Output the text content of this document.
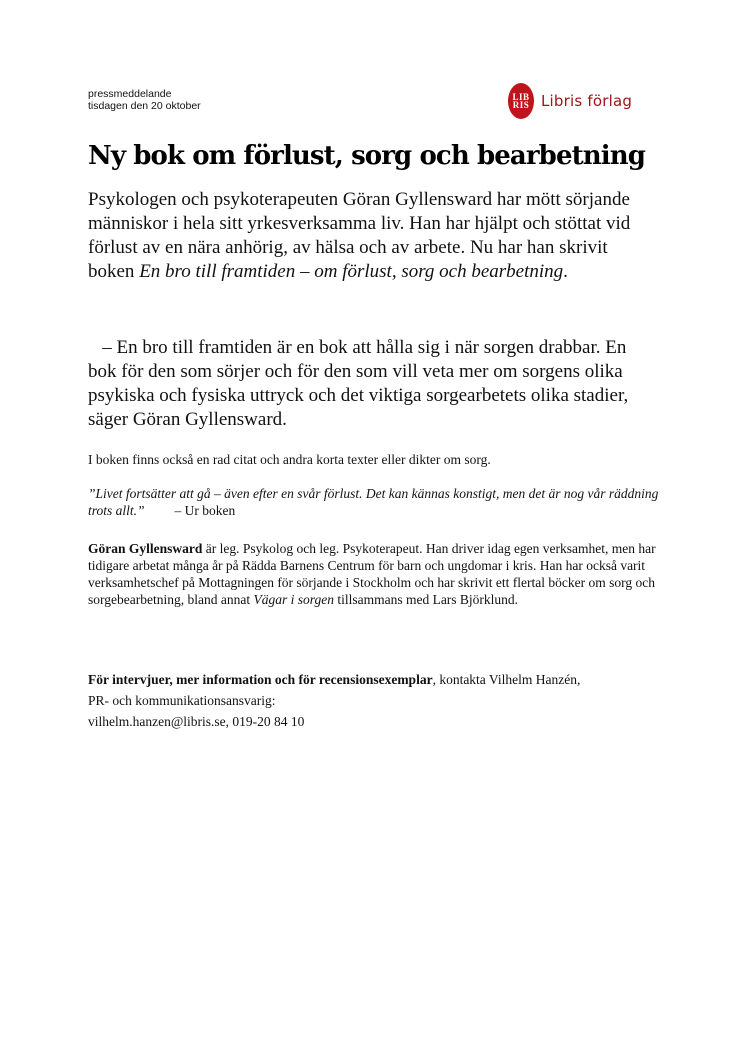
pressmeddelande
tisdagen den 20 oktober
LIB
RIS Libris förlag
Ny bok om förlust, sorg och bearbetning

Psykologen och psykoterapeuten Göran Gyllensward har mött sörjande människor i hela sitt yrkesverksamma liv. Han har hjälpt och stöttat vid förlust av en nära anhörig, av hälsa och av arbete. Nu har han skrivit boken En bro till framtiden – om förlust, sorg och bearbetning.

– En bro till framtiden är en bok att hålla sig i när sorgen drabbar. En bok för den som sörjer och för den som vill veta mer om sorgens olika psykiska och fysiska uttryck och det viktiga sorgearbetets olika stadier, säger Göran Gyllensward.

I boken finns också en rad citat och andra korta texter eller dikter om sorg.

”Livet fortsätter att gå – även efter en svår förlust. Det kan kännas konstigt, men det är nog vår räddning trots allt.” – Ur boken

Göran Gyllensward är leg. Psykolog och leg. Psykoterapeut. Han driver idag egen verksamhet, men har tidigare arbetat många år på Rädda Barnens Centrum för barn och ungdomar i kris. Han har också varit verksamhetschef på Mottagningen för sörjande i Stockholm och har skrivit ett flertal böcker om sorg och sorgebearbetning, bland annat Vägar i sorgen tillsammans med Lars Björklund.

För intervjuer, mer information och för recensionsexemplar, kontakta Vilhelm Hanzén,

PR- och kommunikationsansvarig:

vilhelm.hanzen@libris.se, 019-20 84 10
